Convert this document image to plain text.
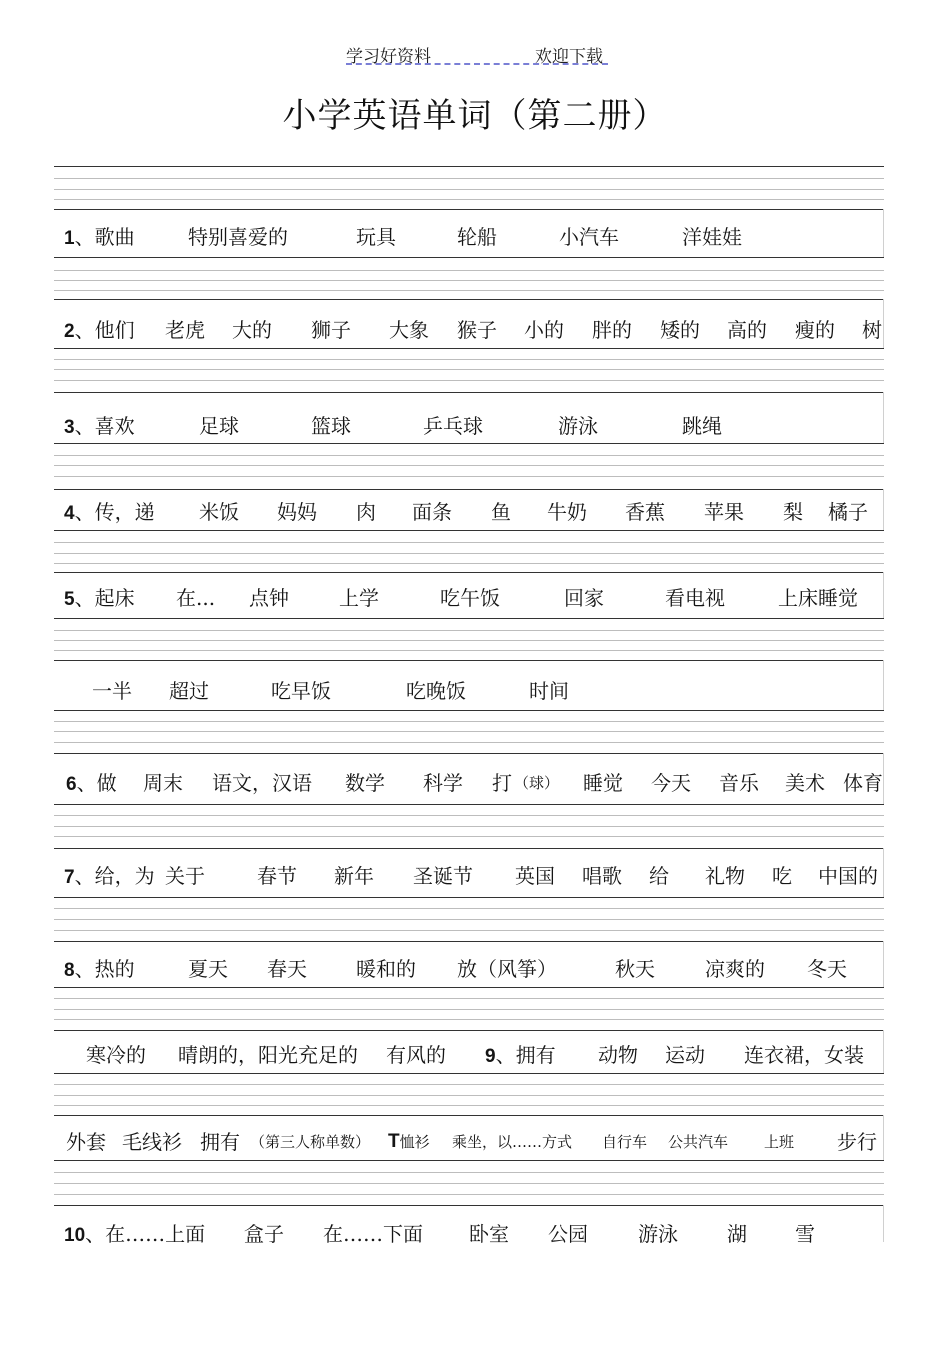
学习好资料	欢迎下载
小学英语单词（第二册）
1、歌曲	特别喜爱的	玩具	轮船	小汽车	洋娃娃
2、他们 老虎 大的 狮子 大象 猴子 小的 胖的 矮的 高的 瘦的 树
3、喜欢	足球	篮球	乒乓球	游泳	跳绳
4、传，递 米饭 妈妈 肉 面条 鱼 牛奶 香蕉 苹果 梨 橘子
5、起床 在... 点钟	上学	吃午饭	回家	看电视	上床睡觉
一半 超过	吃早饭	吃晚饭	时间
6、做 周末 语文，汉语 数学 科学 打 （球） 睡觉 今天 音乐 美术 体育
7、给，为 关于	春节 新年 圣诞节 英国 唱歌 给 礼物 吃 中国的
8、热的	夏天 春天 暖和的 放（风筝）	秋天	凉爽的 冬天
寒冷的 晴朗的，阳光充足的 有风的 9、拥有 动物 运动 连衣裙，女装
外套 毛线衫 拥有 （第三人称单数） T恤衫 乘坐，以……方式 自行车 公共汽车 上班 步行
10、在……上面 盒子 在……下面 卧室 公园	游泳 湖 雪
